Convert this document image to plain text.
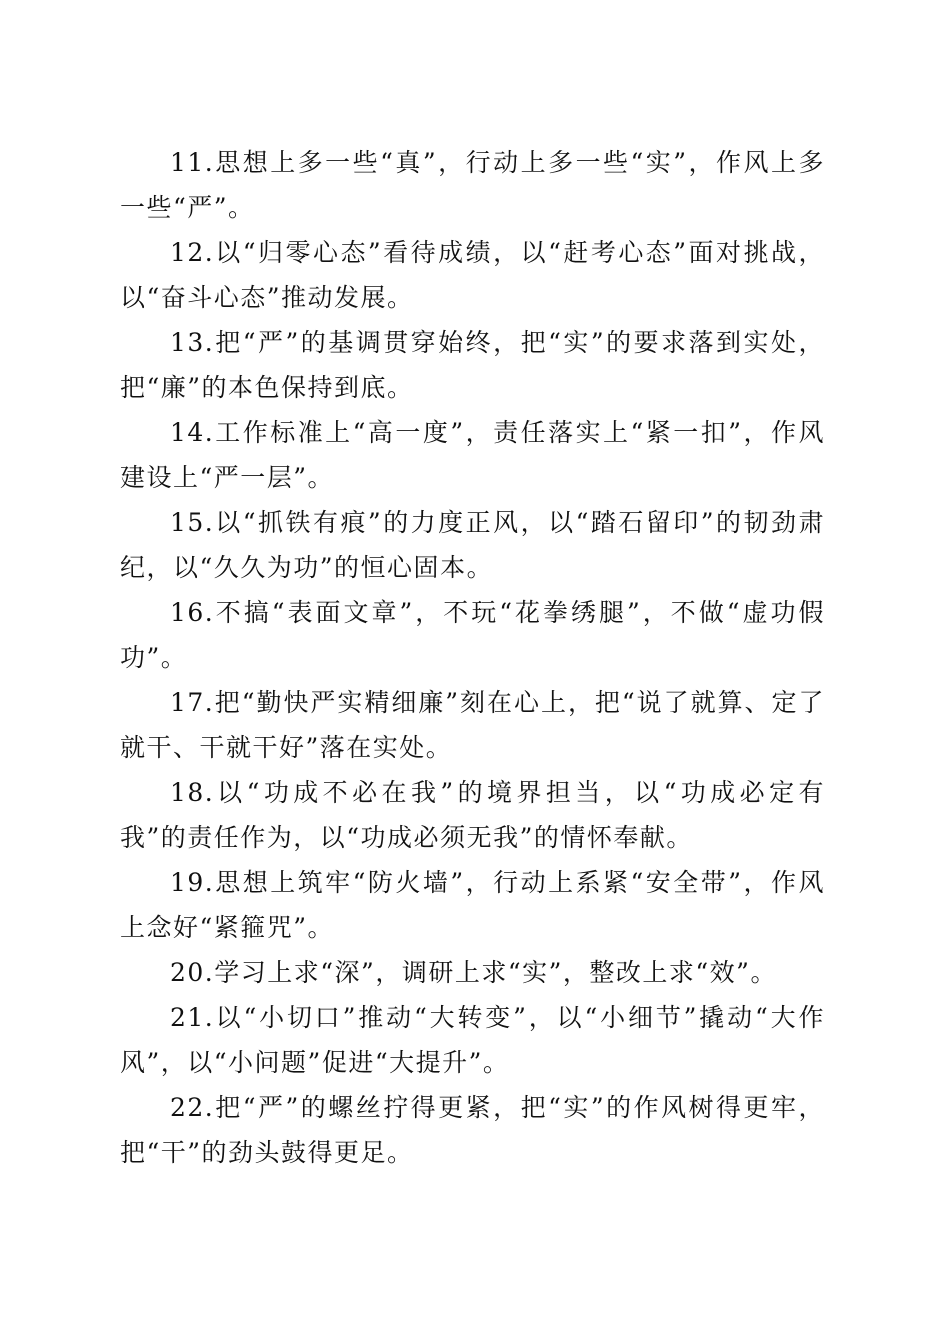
11.思想上多一些“真”，行动上多一些“实”，作风上多一些“严”。

12.以“归零心态”看待成绩，以“赶考心态”面对挑战，以“奋斗心态”推动发展。

13.把“严”的基调贯穿始终，把“实”的要求落到实处，把“廉”的本色保持到底。

14.工作标准上“高一度”，责任落实上“紧一扣”，作风建设上“严一层”。

15.以“抓铁有痕”的力度正风，以“踏石留印”的韧劲肃纪，以“久久为功”的恒心固本。

16.不搞“表面文章”，不玩“花拳绣腿”，不做“虚功假功”。

17.把“勤快严实精细廉”刻在心上，把“说了就算、定了就干、干就干好”落在实处。

18.以“功成不必在我”的境界担当，以“功成必定有我”的责任作为，以“功成必须无我”的情怀奉献。

19.思想上筑牢“防火墙”，行动上系紧“安全带”，作风上念好“紧箍咒”。

20.学习上求“深”，调研上求“实”，整改上求“效”。

21.以“小切口”推动“大转变”，以“小细节”撬动“大作风”，以“小问题”促进“大提升”。

22.把“严”的螺丝拧得更紧，把“实”的作风树得更牢，把“干”的劲头鼓得更足。
